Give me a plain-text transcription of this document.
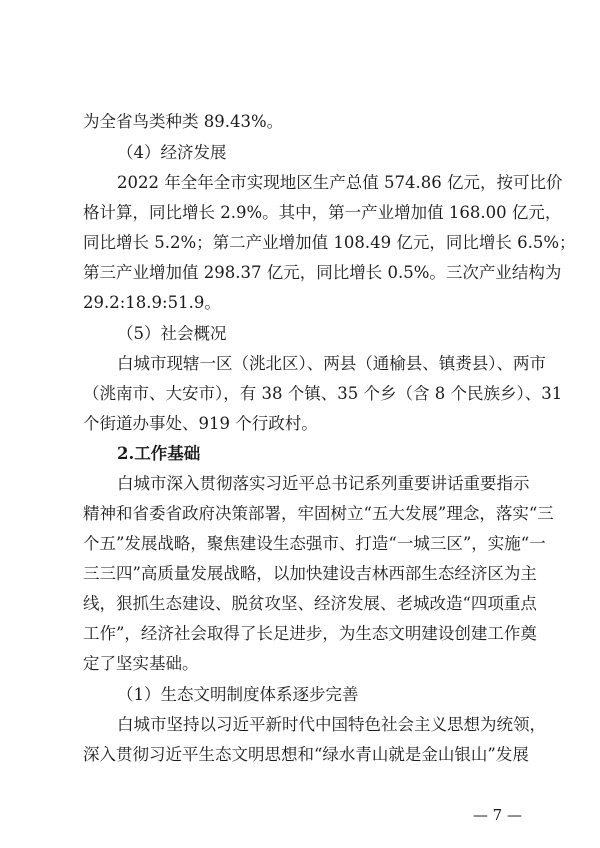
为全省鸟类种类 89.43%。
（4）经济发展
2022 年全年全市实现地区生产总值 574.86 亿元，按可比价
格计算，同比增长 2.9%。其中，第一产业增加值 168.00 亿元，
同比增长 5.2%；第二产业增加值 108.49 亿元，同比增长 6.5%；
第三产业增加值 298.37 亿元，同比增长 0.5%。三次产业结构为
29.2:18.9:51.9。
（5）社会概况
白城市现辖一区（洮北区）、两县（通榆县、镇赉县）、两市
（洮南市、大安市），有 38 个镇、35 个乡（含 8 个民族乡）、31
个街道办事处、919 个行政村。
2.工作基础
白城市深入贯彻落实习近平总书记系列重要讲话重要指示
精神和省委省政府决策部署，牢固树立“五大发展”理念，落实“三
个五”发展战略，聚焦建设生态强市、打造“一城三区”，实施“一
三三四”高质量发展战略，以加快建设吉林西部生态经济区为主
线，狠抓生态建设、脱贫攻坚、经济发展、老城改造“四项重点
工作”，经济社会取得了长足进步，为生态文明建设创建工作奠
定了坚实基础。
（1）生态文明制度体系逐步完善
白城市坚持以习近平新时代中国特色社会主义思想为统领，
深入贯彻习近平生态文明思想和“绿水青山就是金山银山”发展
— 7 —
